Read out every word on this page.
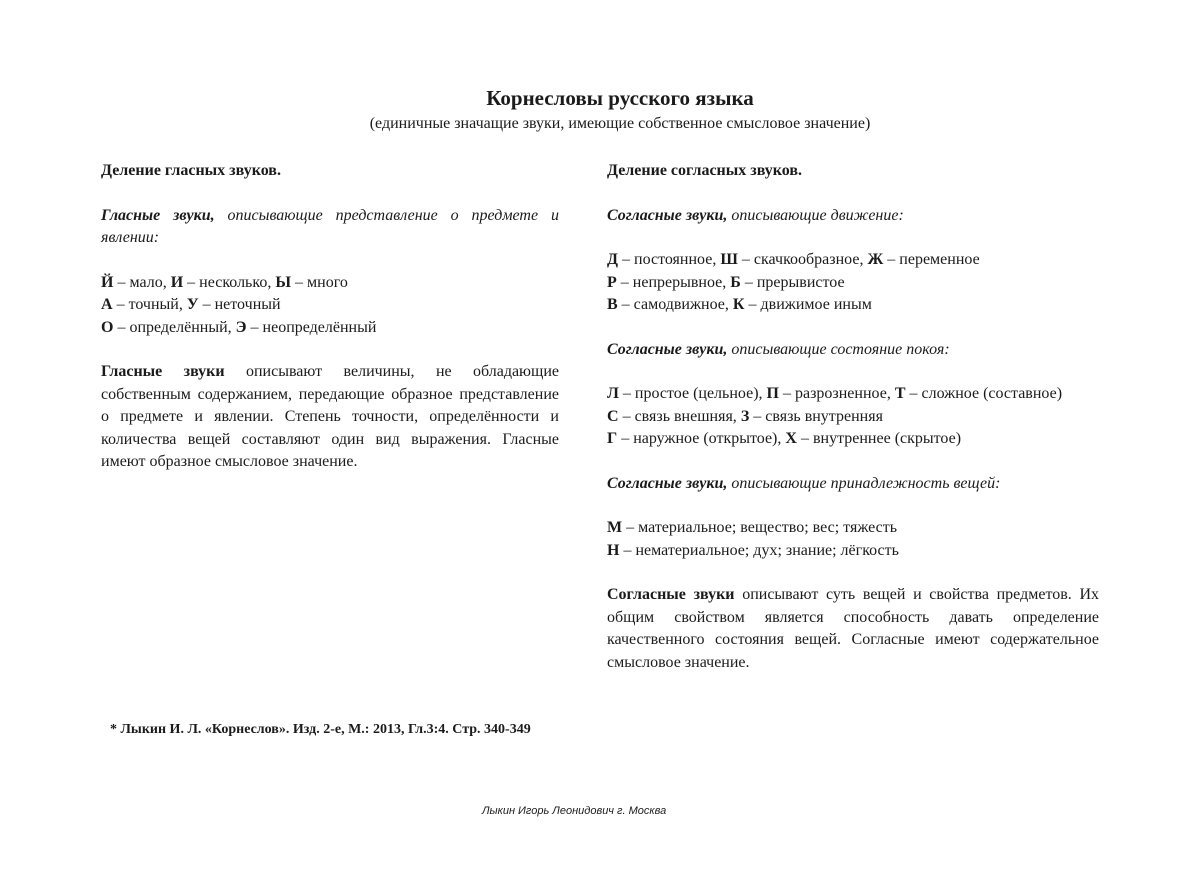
Корнесловы русского языка
(единичные значащие звуки, имеющие собственное смысловое значение)

Деление гласных звуков.

Гласные звуки, описывающие представление о предмете и явлении:

Й – мало, И – несколько, Ы – много

А – точный, У – неточный

О – определённый, Э – неопределённый

Гласные звуки описывают величины, не обладающие собственным содержанием, передающие образное представление о предмете и явлении. Степень точности, определённости и количества вещей составляют один вид выражения. Гласные имеют образное смысловое значение.

Деление согласных звуков.

Согласные звуки, описывающие движение:

Д – постоянное, Ш – скачкообразное, Ж – переменное

Р – непрерывное, Б – прерывистое

В – самодвижное, К – движимое иным

Согласные звуки, описывающие состояние покоя:

Л – простое (цельное), П – разрозненное, Т – сложное (составное)

С – связь внешняя, З – связь внутренняя

Г – наружное (открытое), Х – внутреннее (скрытое)

Согласные звуки, описывающие принадлежность вещей:

М – материальное; вещество; вес; тяжесть

Н – нематериальное; дух; знание; лёгкость

Согласные звуки описывают суть вещей и свойства предметов. Их общим свойством является способность давать определение качественного состояния вещей. Согласные имеют содержательное смысловое значение.

* Лыкин И. Л. «Корнеслов». Изд. 2-е, М.: 2013, Гл.3:4. Стр. 340-349
Лыкин Игорь Леонидович г. Москва
